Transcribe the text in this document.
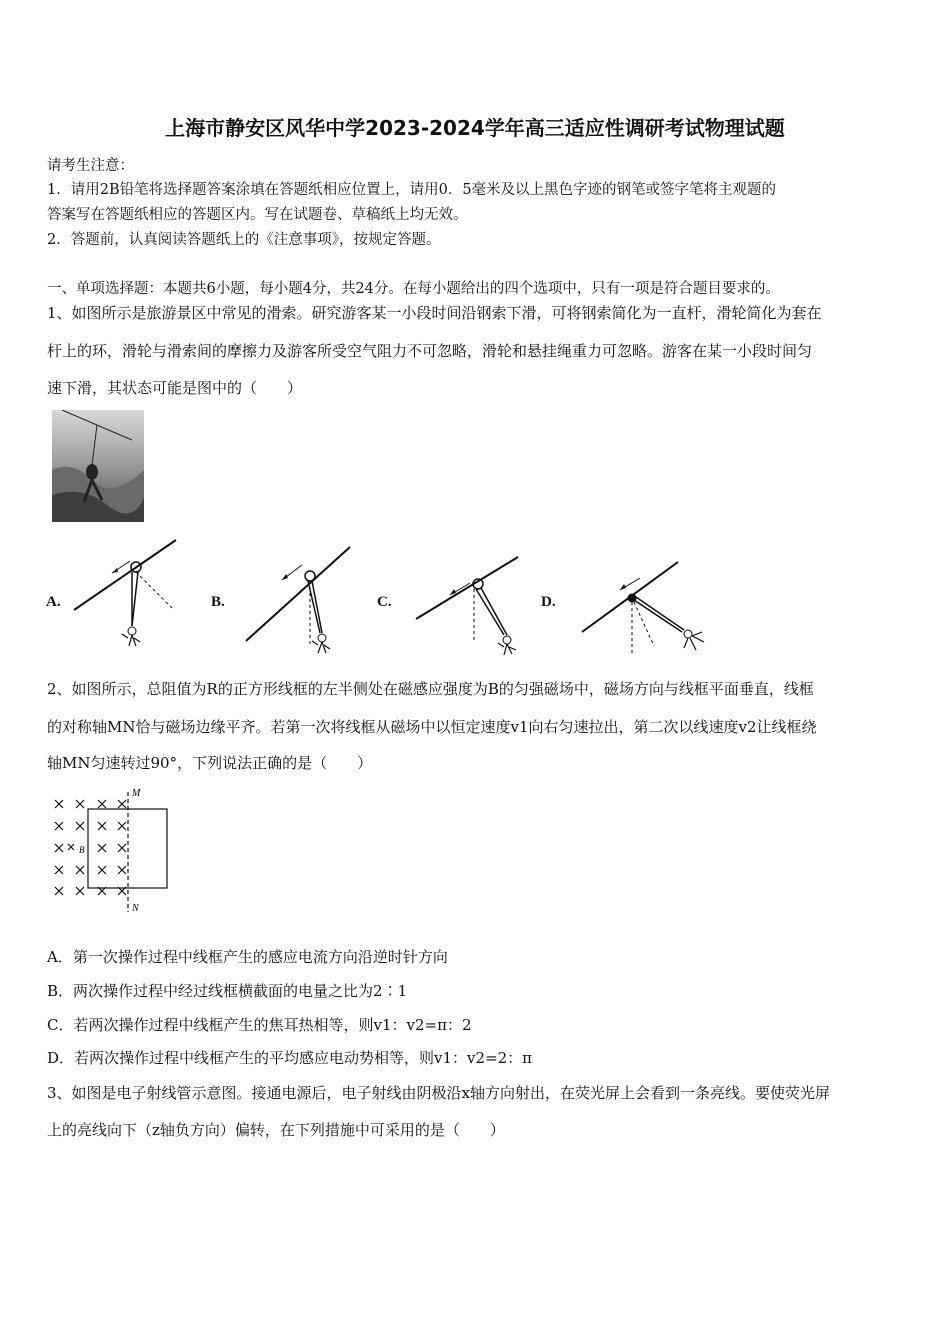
上海市静安区风华中学2023-2024学年高三适应性调研考试物理试题
请考生注意：
1．请用2B铅笔将选择题答案涂填在答题纸相应位置上，请用0．5毫米及以上黑色字迹的钢笔或签字笔将主观题的
答案写在答题纸相应的答题区内。写在试题卷、草稿纸上均无效。
2．答题前，认真阅读答题纸上的《注意事项》，按规定答题。
一、单项选择题：本题共6小题，每小题4分，共24分。在每小题给出的四个选项中，只有一项是符合题目要求的。
1、如图所示是旅游景区中常见的滑索。研究游客某一小段时间沿钢索下滑，可将钢索简化为一直杆，滑轮简化为套在
杆上的环，滑轮与滑索间的摩擦力及游客所受空气阻力不可忽略，滑轮和悬挂绳重力可忽略。游客在某一小段时间匀
速下滑，其状态可能是图中的（　　）
A.	B.	C.	D.
2、如图所示，总阻值为R的正方形线框的左半侧处在磁感应强度为B的匀强磁场中，磁场方向与线框平面垂直，线框
的对称轴MN恰与磁场边缘平齐。若第一次将线框从磁场中以恒定速度v1向右匀速拉出，第二次以线速度v2让线框绕
轴MN匀速转过90°，下列说法正确的是（　　）
M
N
B
A．第一次操作过程中线框产生的感应电流方向沿逆时针方向
B．两次操作过程中经过线框横截面的电量之比为2∶1
C．若两次操作过程中线框产生的焦耳热相等，则v1：v2=π：2
D．若两次操作过程中线框产生的平均感应电动势相等，则v1：v2=2：π
3、如图是电子射线管示意图。接通电源后，电子射线由阴极沿x轴方向射出，在荧光屏上会看到一条亮线。要使荧光屏
上的亮线向下（z轴负方向）偏转，在下列措施中可采用的是（　　）
